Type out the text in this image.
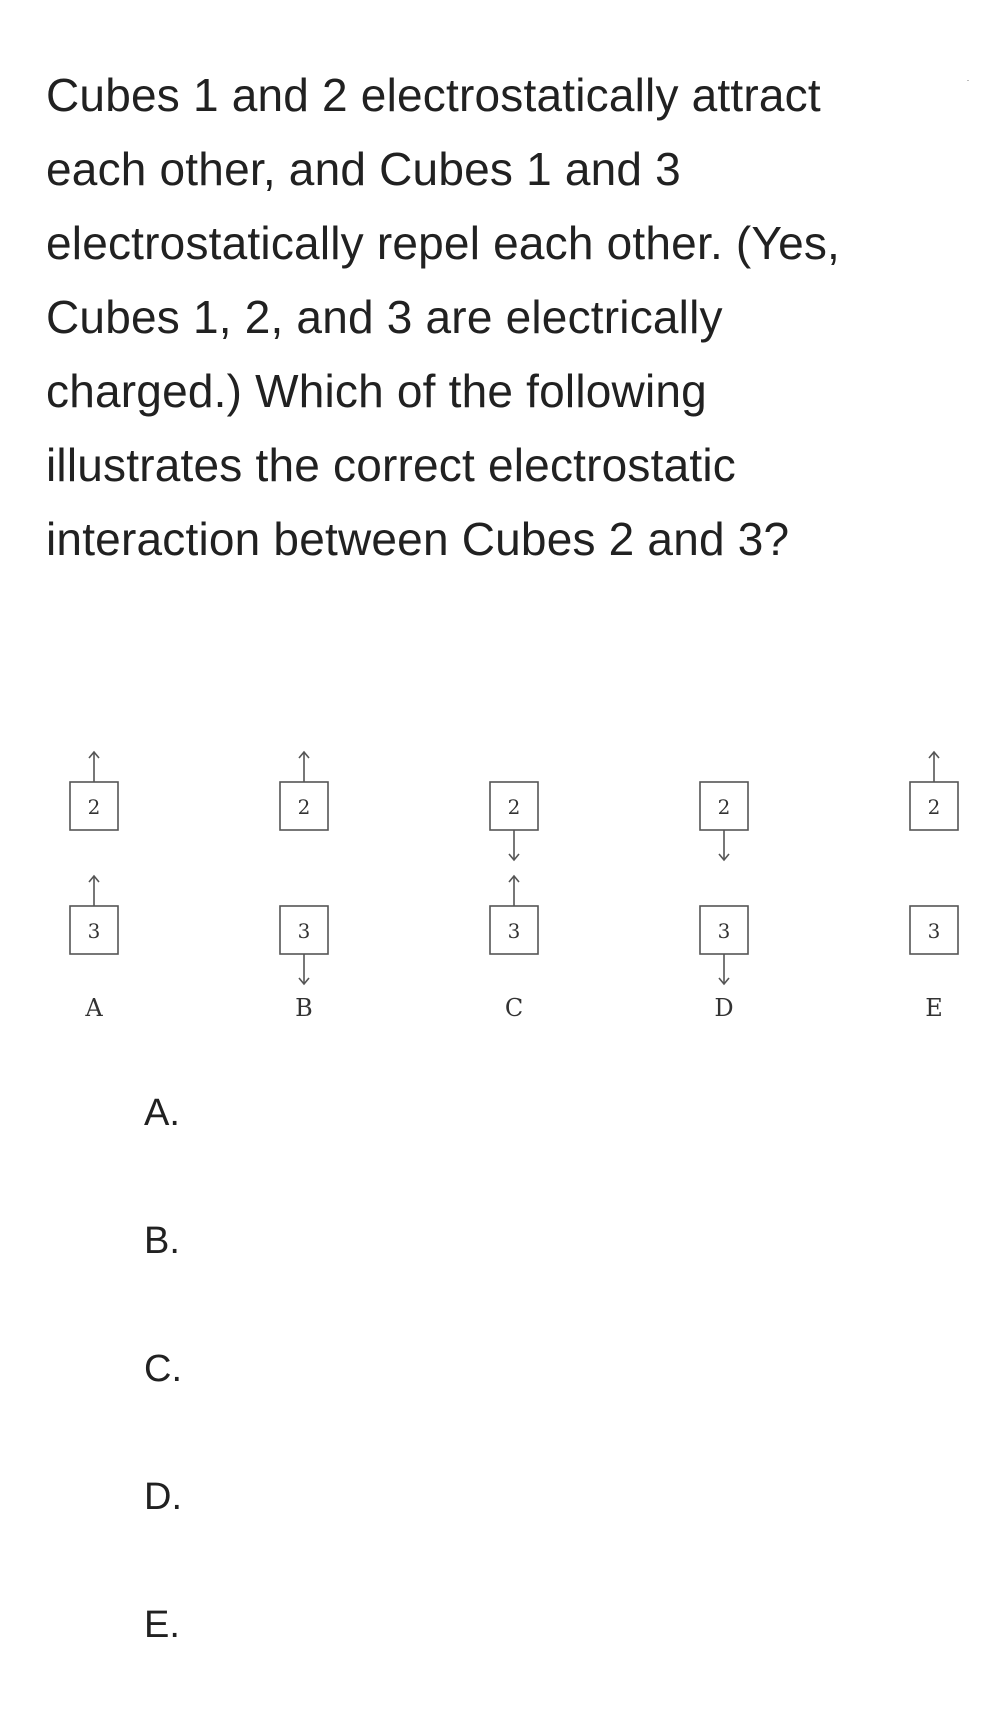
Cubes 1 and 2 electrostatically attract each other, and Cubes 1 and 3 electrostatically repel each other. (Yes, Cubes 1, 2, and 3 are electrically charged.) Which of the following illustrates the correct electrostatic interaction between Cubes 2 and 3?

2
3
A
2
3
B
2
3
C
2
3
D
2
3
E
A.
B.
C.
D.
E.
